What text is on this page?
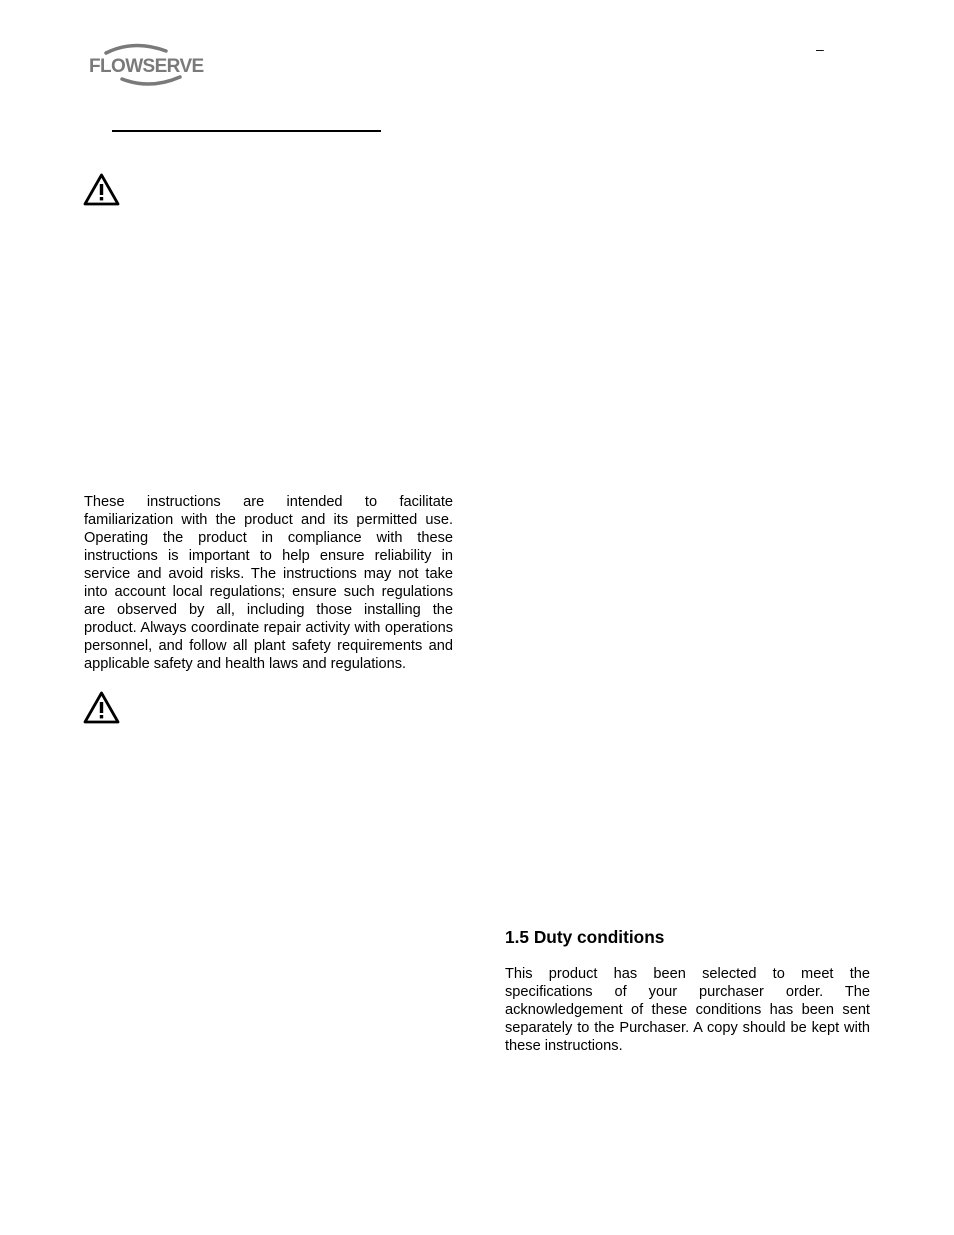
FLOWSERVE
–

These instructions are intended to facilitate familiarization with the product and its permitted use. Operating the product in compliance with these instructions is important to help ensure reliability in service and avoid risks. The instructions may not take into account local regulations; ensure such regulations are observed by all, including those installing the product. Always coordinate repair activity with operations personnel, and follow all plant safety requirements and applicable safety and health laws and regulations.

1.5 Duty conditions

This product has been selected to meet the specifications of your purchaser order. The acknowledgement of these conditions has been sent separately to the Purchaser. A copy should be kept with these instructions.
